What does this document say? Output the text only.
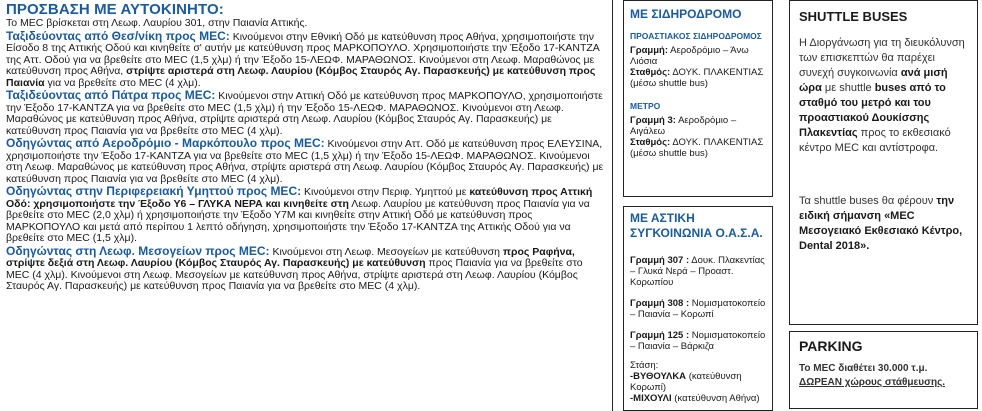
ΠΡΟΣΒΑΣΗ ΜΕ ΑΥΤΟΚΙΝΗΤΟ:

Το ΜΕC βρίσκεται στη Λεωφ. Λαυρίου 301, στην Παιανία Αττικής.

Ταξιδεύοντας από Θεσ/νίκη προς ΜΕC: Κινούμενοι στην Εθνική Οδό με κατεύθυνση προς Αθήνα, χρησιμοποιήστε την Είσοδο 8 της Αττικής Οδού και κινηθείτε σ' αυτήν με κατεύθυνση προς ΜΑΡΚΟΠΟΥΛΟ. Χρησιμοποιήστε την Έξοδο 17-ΚΑΝΤΖΑ της Αττ. Οδού για να βρεθείτε στο ΜΕC (1,5 χλμ) ή την Έξοδο 15-ΛΕΩΦ. ΜΑΡΑΘΩΝΟΣ. Κινούμενοι στη Λεωφ. Μαραθώνος με κατεύθυνση προς Αθήνα, στρίψτε αριστερά στη Λεωφ. Λαυρίου (Κόμβος Σταυρός Αγ. Παρασκευής) με κατεύθυνση προς Παιανία για να βρεθείτε στο ΜΕC (4 χλμ).

Ταξιδεύοντας από Πάτρα προς ΜΕC: Κινούμενοι στην Αττική Οδό με κατεύθυνση προς ΜΑΡΚΟΠΟΥΛΟ, χρησιμοποιήστε την Έξοδο 17-ΚΑΝΤΖΑ για να βρεθείτε στο ΜΕC (1,5 χλμ) ή την Έξοδο 15-ΛΕΩΦ. ΜΑΡΑΘΩΝΟΣ. Κινούμενοι στη Λεωφ. Μαραθώνος με κατεύθυνση προς Αθήνα, στρίψτε αριστερά στη Λεωφ. Λαυρίου (Κόμβος Σταυρός Αγ. Παρασκευής) με κατεύθυνση προς Παιανία για να βρεθείτε στο ΜΕC (4 χλμ).

Οδηγώντας από Αεροδρόμιο - Μαρκόπουλο προς ΜΕC: Κινούμενοι στην Αττ. Οδό με κατεύθυνση προς ΕΛΕΥΣΙΝΑ, χρησιμοποιήστε την Έξοδο 17-ΚΑΝΤΖΑ για να βρεθείτε στο ΜΕC (1,5 χλμ) ή την Έξοδο 15-ΛΕΩΦ. ΜΑΡΑΘΩΝΟΣ. Κινούμενοι στη Λεωφ. Μαραθώνος με κατεύθυνση προς Αθήνα, στρίψτε αριστερά στη Λεωφ. Λαυρίου (Κόμβος Σταυρός Αγ. Παρασκευής) με κατεύθυνση προς Παιανία για να βρεθείτε στο ΜΕC (4 χλμ).

Οδηγώντας στην Περιφερειακή Υμηττού προς ΜΕC: Κινούμενοι στην Περιφ. Υμηττού με κατεύθυνση προς Αττική Οδό: χρησιμοποιήστε την Έξοδο Υ6 – ΓΛΥΚΑ ΝΕΡΑ και κινηθείτε στη Λεωφ. Λαυρίου με κατεύθυνση προς Παιανία για να βρεθείτε στο ΜΕC (2,0 χλμ) ή χρησιμοποιήστε την Έξοδο Υ7Μ και κινηθείτε στην Αττική Οδό με κατεύθυνση προς ΜΑΡΚΟΠΟΥΛΟ και μετά από περίπου 1 λεπτό οδήγηση, χρησιμοποιήστε την Έξοδο 17-ΚΑΝΤΖΑ της Αττικής Οδού για να βρεθείτε στο ΜΕC (1,5 χλμ).

Οδηγώντας στη Λεωφ. Μεσογείων προς ΜΕC: Κινούμενοι στη Λεωφ. Μεσογείων με κατεύθυνση προς Ραφήνα, στρίψτε δεξιά στη Λεωφ. Λαυρίου (Κόμβος Σταυρός Αγ. Παρασκευής) με κατεύθυνση προς Παιανία για να βρεθείτε στο ΜΕC (4 χλμ). Κινούμενοι στη Λεωφ. Μεσογείων με κατεύθυνση προς Αθήνα, στρίψτε αριστερά στη Λεωφ. Λαυρίου (Κόμβος Σταυρός Αγ. Παρασκευής) με κατεύθυνση προς Παιανία για να βρεθείτε στο ΜΕC (4 χλμ).

ΜΕ ΣΙΔΗΡΟΔΡΟΜΟ
ΠΡΟΑΣΤΙΑΚΟΣ ΣΙΔΗΡΟΔΡΟΜΟΣ

Γραμμή: Αεροδρόμιο – Άνω Λιόσια

Σταθμός: ΔΟΥΚ. ΠΛΑΚΕΝΤΙΑΣ (μέσω shuttle bus)

ΜΕΤΡΟ

Γραμμή 3: Αεροδρόμιο – Αιγάλεω

Σταθμός: ΔΟΥΚ. ΠΛΑΚΕΝΤΙΑΣ (μέσω shuttle bus)

ΜΕ ΑΣΤΙΚΗ ΣΥΓΚΟΙΝΩΝΙΑ Ο.Α.Σ.Α.

Γραμμή 307 : Δουκ. Πλακεντίας – Γλυκά Νερά – Προαστ. Κορωπίου

Γραμμή 308 : Νομισματοκοπείο – Παιανία – Κορωπί

Γραμμή 125 : Νομισματοκοπείο – Παιανία – Βάρκιζα

Στάση:

-ΒΥΘΟΥΛΚΑ (κατεύθυνση Κορωπί)

-ΜΙΧΟΥΛΙ (κατεύθυνση Αθήνα)

SHUTTLE BUSES

Η Διοργάνωση για τη διευκόλυνση των επισκεπτών θα παρέχει συνεχή συγκοινωνία ανά μισή ώρα με shuttle buses από το σταθμό του μετρό και του προαστιακού Δουκίσσης Πλακεντίας προς το εκθεσιακό κέντρο ΜΕC και αντίστροφα.

Τα shuttle buses θα φέρουν την ειδική σήμανση «ΜΕC Μεσογειακό Εκθεσιακό Κέντρο, Dental 2018».

PARKING

Το ΜΕC διαθέτει 30.000 τ.μ.

ΔΩΡΕΑΝ χώρους στάθμευσης.
